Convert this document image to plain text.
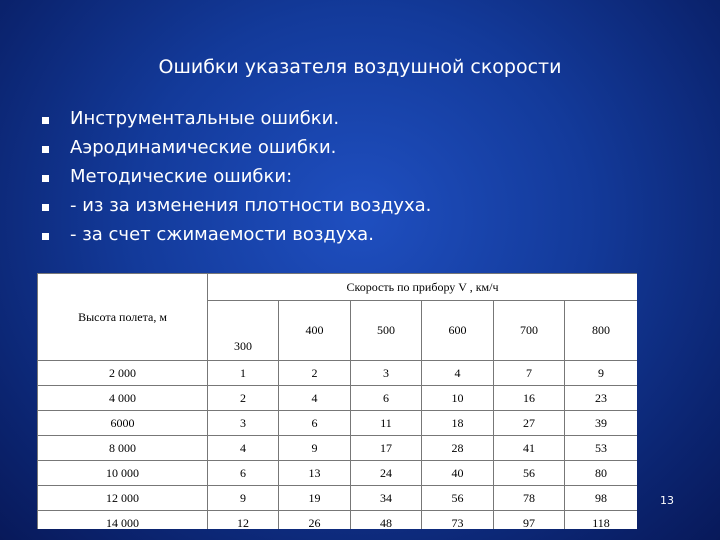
Ошибки указателя воздушной скорости
Инструментальные ошибки.
Аэродинамические ошибки.
Методические ошибки:
- из за изменения плотности воздуха.
- за счет сжимаемости воздуха.
Высота полета, м	Скорость по прибору V , км/ч					
	300	400	500	600	700	800
2 000	1	2	3	4	7	9
4 000	2	4	6	10	16	23
6000	3	6	11	18	27	39
8 000	4	9	17	28	41	53
10 000	6	13	24	40	56	80
12 000	9	19	34	56	78	98
14 000	12	26	48	73	97	118
13
